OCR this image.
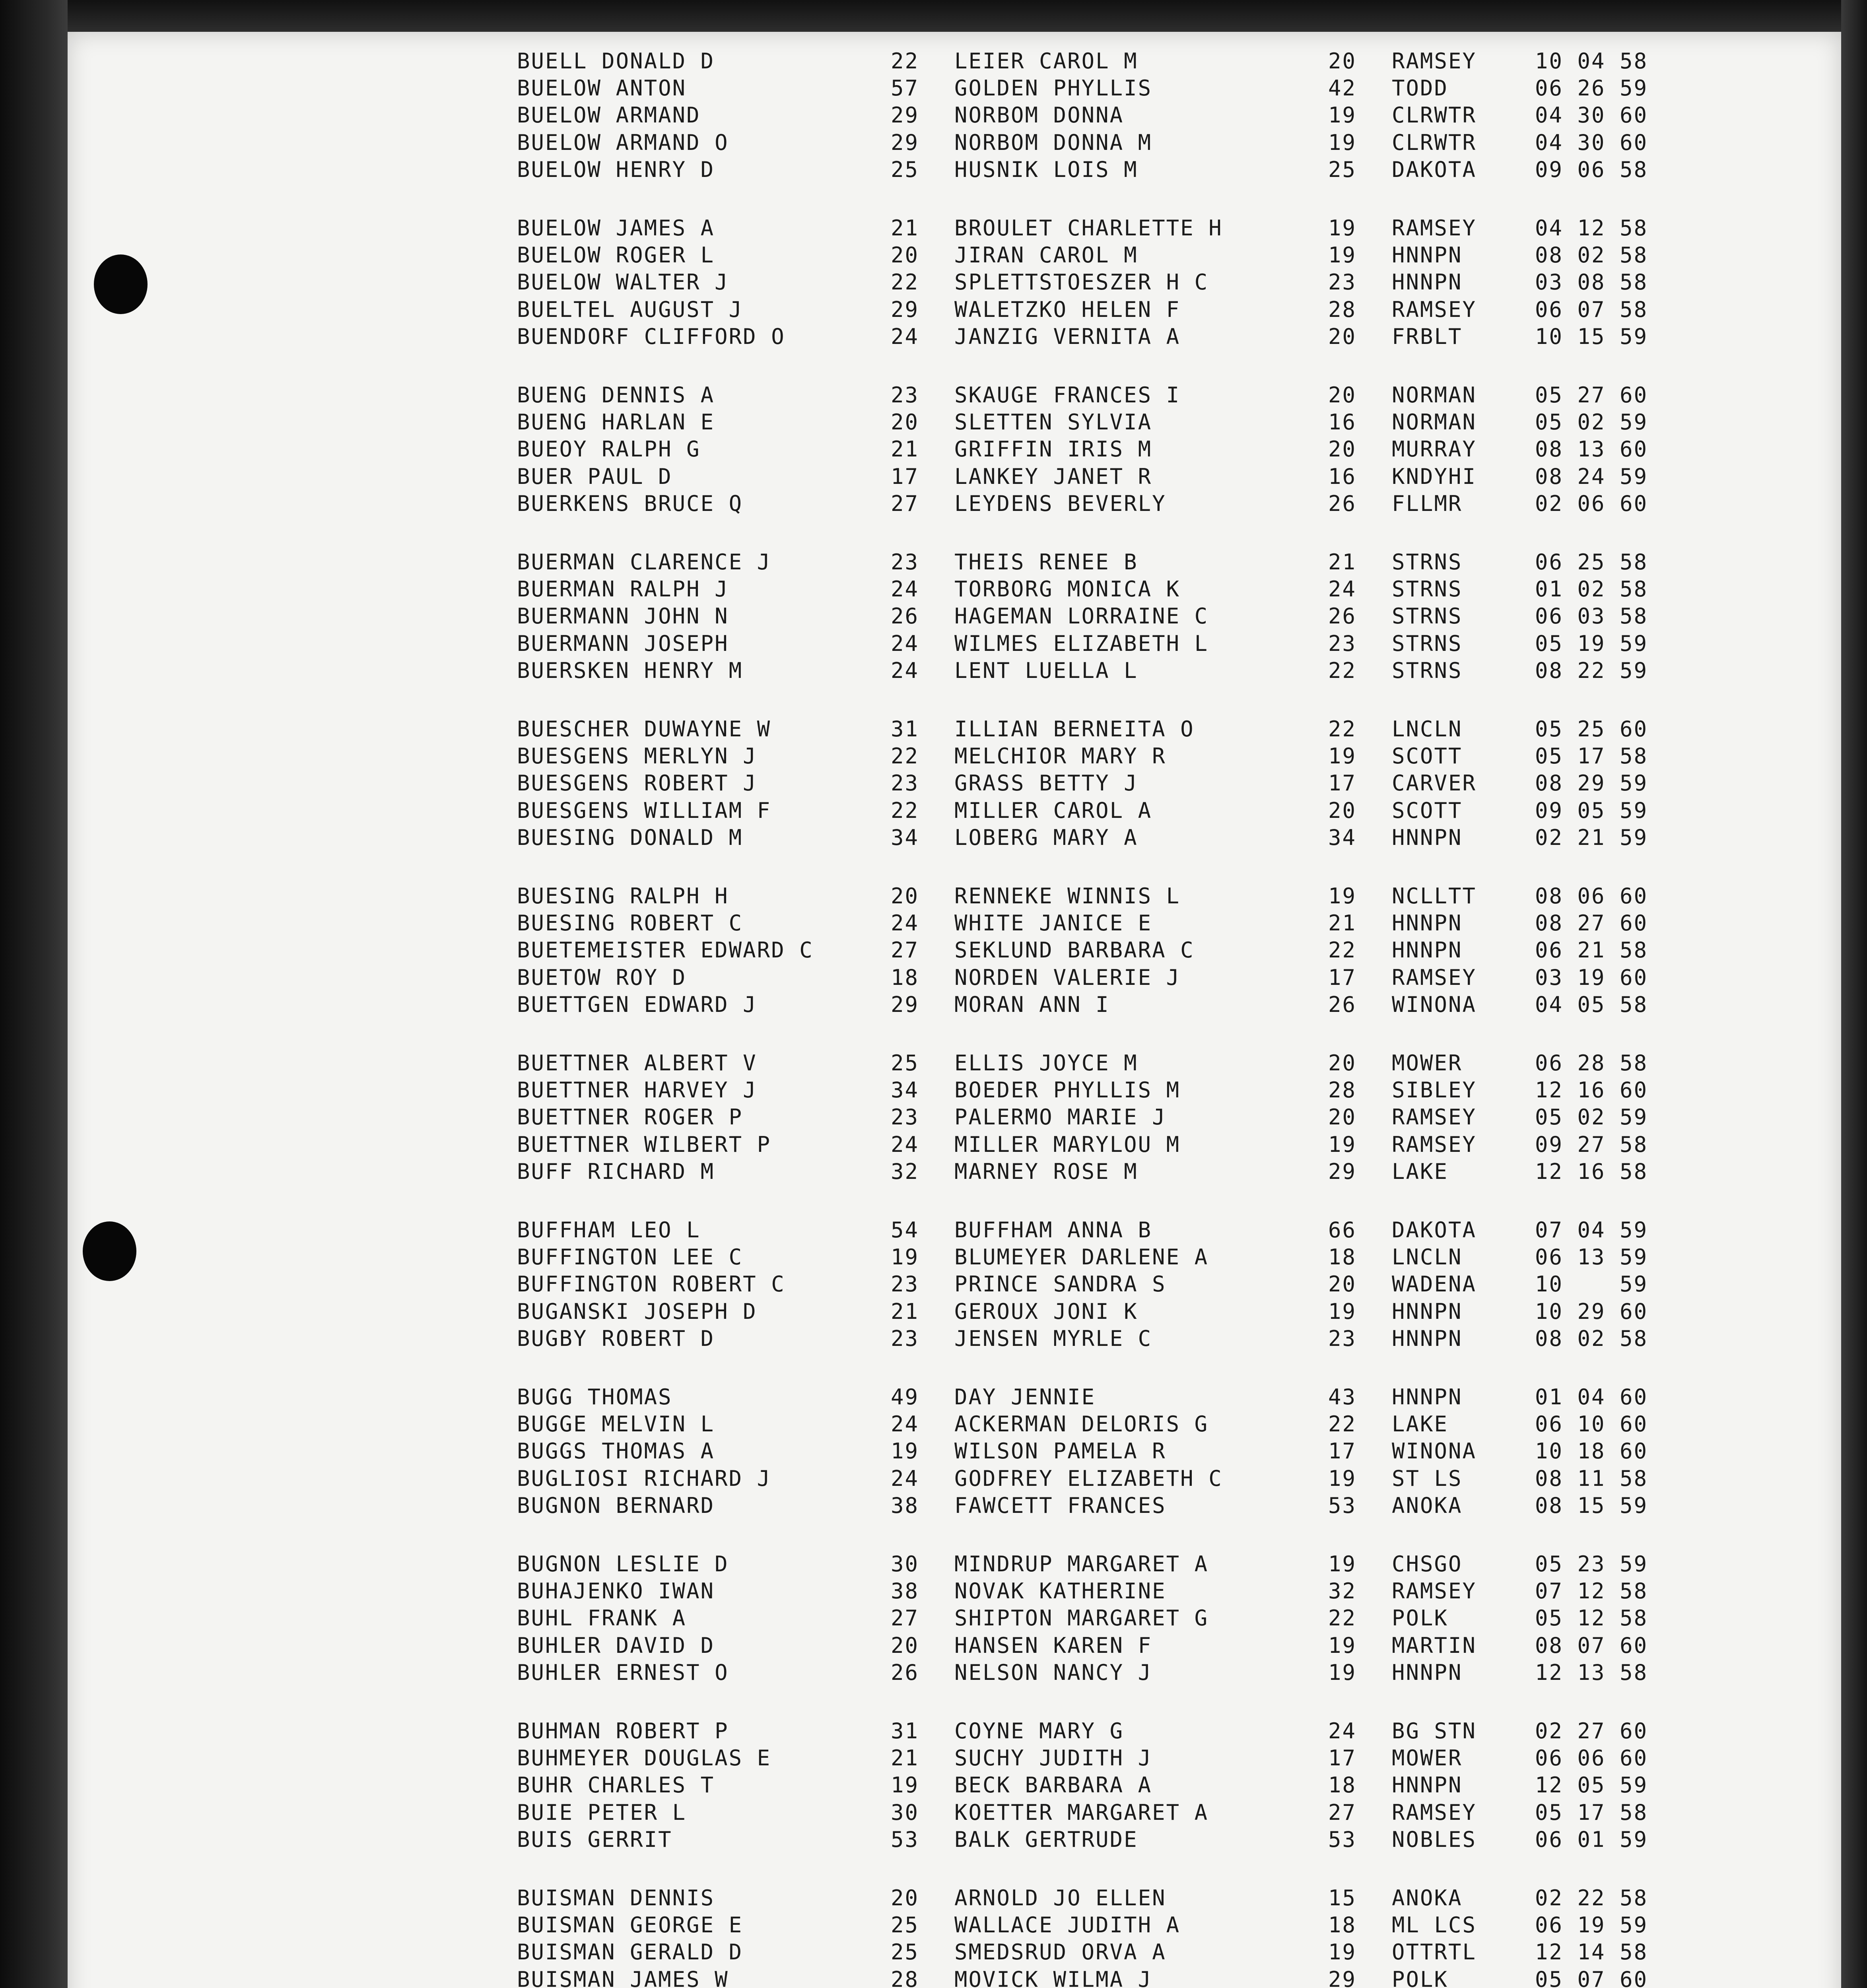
BUELL DONALD D	22 LEIER CAROL M	20 RAMSEY	10 04 58
BUELOW ANTON	57 GOLDEN PHYLLIS	42 TODD	06 26 59
BUELOW ARMAND	29 NORBOM DONNA	19 CLRWTR	04 30 60
BUELOW ARMAND O	29 NORBOM DONNA M	19 CLRWTR	04 30 60
BUELOW HENRY D	25 HUSNIK LOIS M	25 DAKOTA	09 06 58
BUELOW JAMES A	21 BROULET CHARLETTE H	19 RAMSEY	04 12 58
BUELOW ROGER L	20 JIRAN CAROL M	19 HNNPN	08 02 58
BUELOW WALTER J	22 SPLETTSTOESZER H C	23 HNNPN	03 08 58
BUELTEL AUGUST J	29 WALETZKO HELEN F	28 RAMSEY	06 07 58
BUENDORF CLIFFORD O	24 JANZIG VERNITA A	20 FRBLT	10 15 59
BUENG DENNIS A	23 SKAUGE FRANCES I	20 NORMAN	05 27 60
BUENG HARLAN E	20 SLETTEN SYLVIA	16 NORMAN	05 02 59
BUEOY RALPH G	21 GRIFFIN IRIS M	20 MURRAY	08 13 60
BUER PAUL D	17 LANKEY JANET R	16 KNDYHI	08 24 59
BUERKENS BRUCE Q	27 LEYDENS BEVERLY	26 FLLMR	02 06 60
BUERMAN CLARENCE J	23 THEIS RENEE B	21 STRNS	06 25 58
BUERMAN RALPH J	24 TORBORG MONICA K	24 STRNS	01 02 58
BUERMANN JOHN N	26 HAGEMAN LORRAINE C	26 STRNS	06 03 58
BUERMANN JOSEPH	24 WILMES ELIZABETH L	23 STRNS	05 19 59
BUERSKEN HENRY M	24 LENT LUELLA L	22 STRNS	08 22 59
BUESCHER DUWAYNE W	31 ILLIAN BERNEITA O	22 LNCLN	05 25 60
BUESGENS MERLYN J	22 MELCHIOR MARY R	19 SCOTT	05 17 58
BUESGENS ROBERT J	23 GRASS BETTY J	17 CARVER	08 29 59
BUESGENS WILLIAM F	22 MILLER CAROL A	20 SCOTT	09 05 59
BUESING DONALD M	34 LOBERG MARY A	34 HNNPN	02 21 59
BUESING RALPH H	20 RENNEKE WINNIS L	19 NCLLTT	08 06 60
BUESING ROBERT C	24 WHITE JANICE E	21 HNNPN	08 27 60
BUETEMEISTER EDWARD C	27 SEKLUND BARBARA C	22 HNNPN	06 21 58
BUETOW ROY D	18 NORDEN VALERIE J	17 RAMSEY	03 19 60
BUETTGEN EDWARD J	29 MORAN ANN I	26 WINONA	04 05 58
BUETTNER ALBERT V	25 ELLIS JOYCE M	20 MOWER	06 28 58
BUETTNER HARVEY J	34 BOEDER PHYLLIS M	28 SIBLEY	12 16 60
BUETTNER ROGER P	23 PALERMO MARIE J	20 RAMSEY	05 02 59
BUETTNER WILBERT P	24 MILLER MARYLOU M	19 RAMSEY	09 27 58
BUFF RICHARD M	32 MARNEY ROSE M	29 LAKE	12 16 58
BUFFHAM LEO L	54 BUFFHAM ANNA B	66 DAKOTA	07 04 59
BUFFINGTON LEE C	19 BLUMEYER DARLENE A	18 LNCLN	06 13 59
BUFFINGTON ROBERT C	23 PRINCE SANDRA S	20 WADENA	10    59
BUGANSKI JOSEPH D	21 GEROUX JONI K	19 HNNPN	10 29 60
BUGBY ROBERT D	23 JENSEN MYRLE C	23 HNNPN	08 02 58
BUGG THOMAS	49 DAY JENNIE	43 HNNPN	01 04 60
BUGGE MELVIN L	24 ACKERMAN DELORIS G	22 LAKE	06 10 60
BUGGS THOMAS A	19 WILSON PAMELA R	17 WINONA	10 18 60
BUGLIOSI RICHARD J	24 GODFREY ELIZABETH C	19 ST LS	08 11 58
BUGNON BERNARD	38 FAWCETT FRANCES	53 ANOKA	08 15 59
BUGNON LESLIE D	30 MINDRUP MARGARET A	19 CHSGO	05 23 59
BUHAJENKO IWAN	38 NOVAK KATHERINE	32 RAMSEY	07 12 58
BUHL FRANK A	27 SHIPTON MARGARET G	22 POLK	05 12 58
BUHLER DAVID D	20 HANSEN KAREN F	19 MARTIN	08 07 60
BUHLER ERNEST O	26 NELSON NANCY J	19 HNNPN	12 13 58
BUHMAN ROBERT P	31 COYNE MARY G	24 BG STN	02 27 60
BUHMEYER DOUGLAS E	21 SUCHY JUDITH J	17 MOWER	06 06 60
BUHR CHARLES T	19 BECK BARBARA A	18 HNNPN	12 05 59
BUIE PETER L	30 KOETTER MARGARET A	27 RAMSEY	05 17 58
BUIS GERRIT	53 BALK GERTRUDE	53 NOBLES	06 01 59
BUISMAN DENNIS	20 ARNOLD JO ELLEN	15 ANOKA	02 22 58
BUISMAN GEORGE E	25 WALLACE JUDITH A	18 ML LCS	06 19 59
BUISMAN GERALD D	25 SMEDSRUD ORVA A	19 OTTRTL	12 14 58
BUISMAN JAMES W	28 MOVICK WILMA J	29 POLK	05 07 60
